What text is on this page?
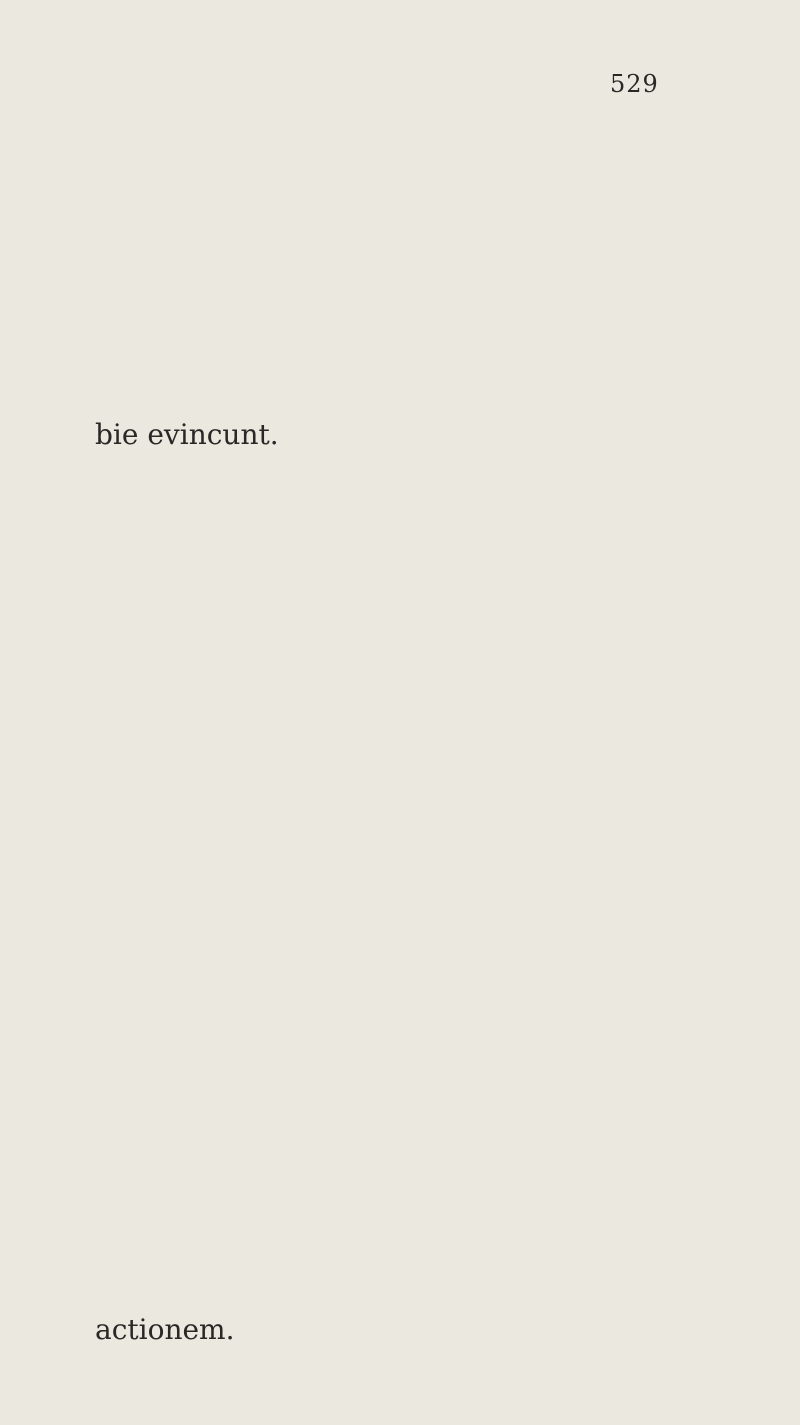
529
bie evincunt.
actionem.
